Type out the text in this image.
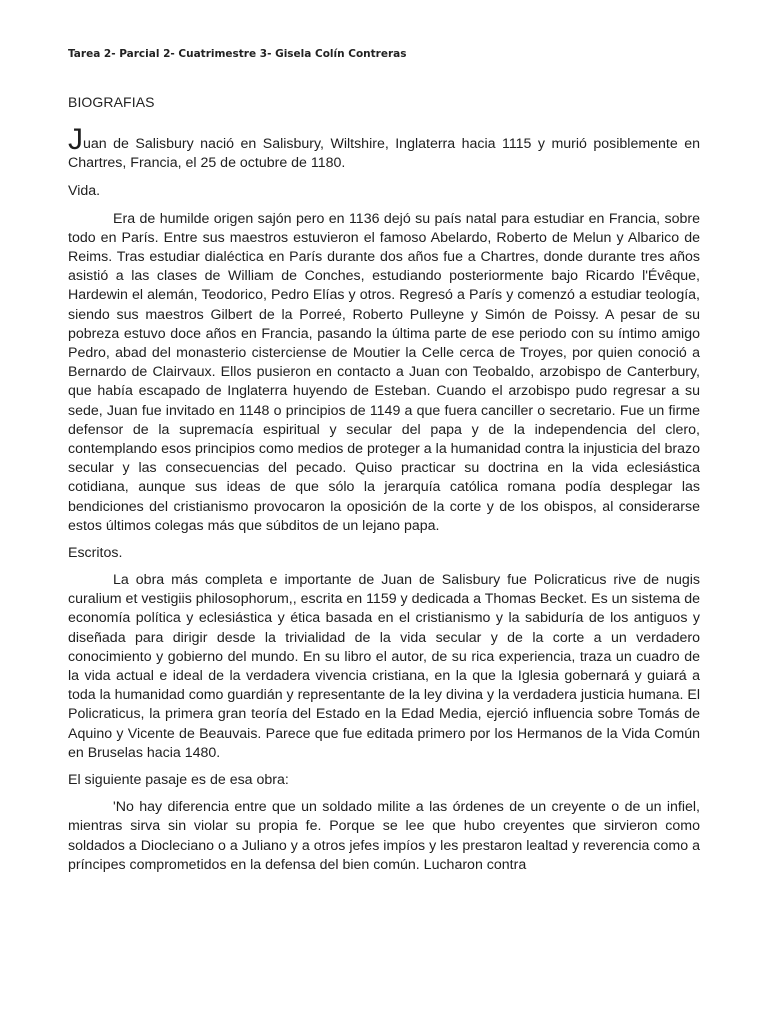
Tarea 2- Parcial 2- Cuatrimestre 3- Gisela Colín Contreras
BIOGRAFIAS

Juan de Salisbury nació en Salisbury, Wiltshire, Inglaterra hacia 1115 y murió posiblemente en Chartres, Francia, el 25 de octubre de 1180.

Vida.

Era de humilde origen sajón pero en 1136 dejó su país natal para estudiar en Francia, sobre todo en París. Entre sus maestros estuvieron el famoso Abelardo, Roberto de Melun y Albarico de Reims. Tras estudiar dialéctica en París durante dos años fue a Chartres, donde durante tres años asistió a las clases de William de Conches, estudiando posteriormente bajo Ricardo l'Évêque, Hardewin el alemán, Teodorico, Pedro Elías y otros. Regresó a París y comenzó a estudiar teología, siendo sus maestros Gilbert de la Porreé, Roberto Pulleyne y Simón de Poissy. A pesar de su pobreza estuvo doce años en Francia, pasando la última parte de ese periodo con su íntimo amigo Pedro, abad del monasterio cisterciense de Moutier la Celle cerca de Troyes, por quien conoció a Bernardo de Clairvaux. Ellos pusieron en contacto a Juan con Teobaldo, arzobispo de Canterbury, que había escapado de Inglaterra huyendo de Esteban. Cuando el arzobispo pudo regresar a su sede, Juan fue invitado en 1148 o principios de 1149 a que fuera canciller o secretario. Fue un firme defensor de la supremacía espiritual y secular del papa y de la independencia del clero, contemplando esos principios como medios de proteger a la humanidad contra la injusticia del brazo secular y las consecuencias del pecado. Quiso practicar su doctrina en la vida eclesiástica cotidiana, aunque sus ideas de que sólo la jerarquía católica romana podía desplegar las bendiciones del cristianismo provocaron la oposición de la corte y de los obispos, al considerarse estos últimos colegas más que súbditos de un lejano papa.

Escritos.

La obra más completa e importante de Juan de Salisbury fue Policraticus rive de nugis curalium et vestigiis philosophorum,, escrita en 1159 y dedicada a Thomas Becket. Es un sistema de economía política y eclesiástica y ética basada en el cristianismo y la sabiduría de los antiguos y diseñada para dirigir desde la trivialidad de la vida secular y de la corte a un verdadero conocimiento y gobierno del mundo. En su libro el autor, de su rica experiencia, traza un cuadro de la vida actual e ideal de la verdadera vivencia cristiana, en la que la Iglesia gobernará y guiará a toda la humanidad como guardián y representante de la ley divina y la verdadera justicia humana. El Policraticus, la primera gran teoría del Estado en la Edad Media, ejerció influencia sobre Tomás de Aquino y Vicente de Beauvais. Parece que fue editada primero por los Hermanos de la Vida Común en Bruselas hacia 1480.

El siguiente pasaje es de esa obra:

'No hay diferencia entre que un soldado milite a las órdenes de un creyente o de un infiel, mientras sirva sin violar su propia fe. Porque se lee que hubo creyentes que sirvieron como soldados a Diocleciano o a Juliano y a otros jefes impíos y les prestaron lealtad y reverencia como a príncipes comprometidos en la defensa del bien común. Lucharon contra
